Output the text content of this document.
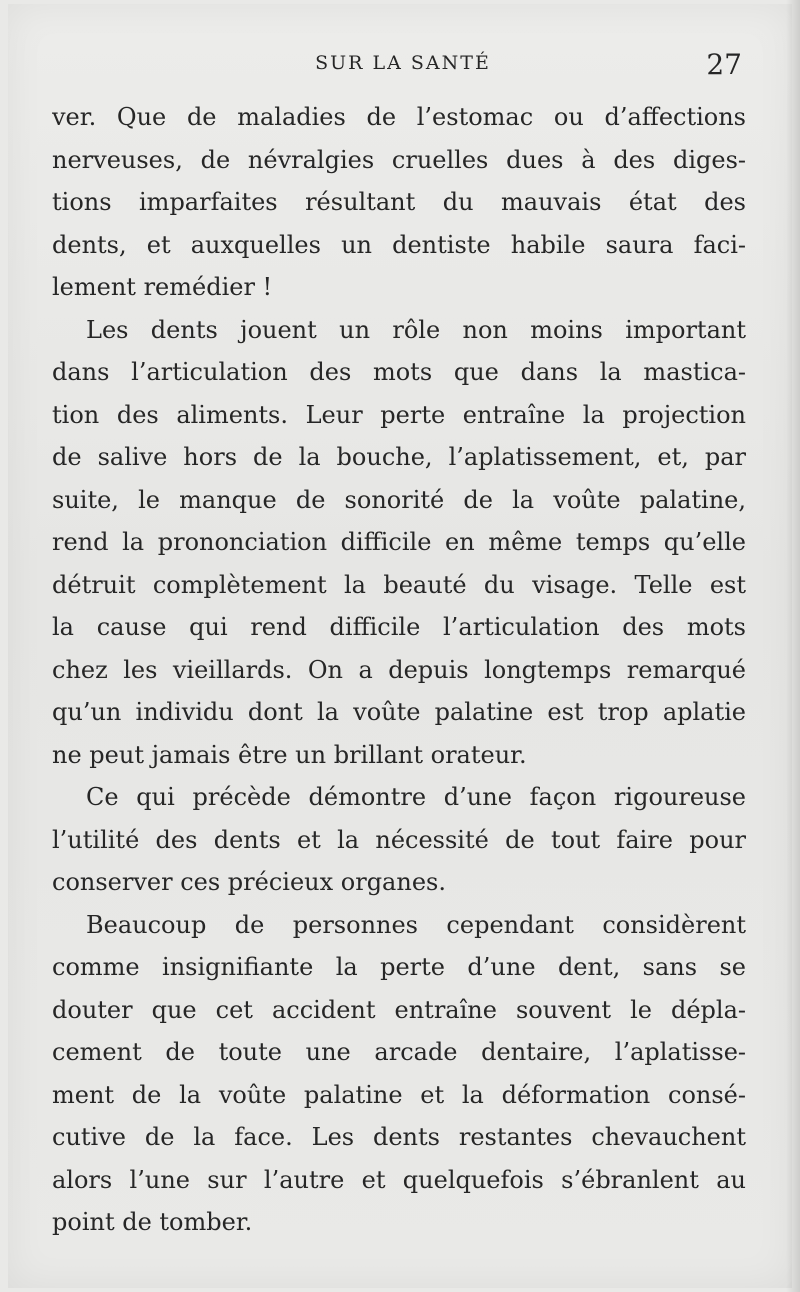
SUR LA SANTÉ	27
ver. Que de maladies de l’estomac ou d’affections
nerveuses, de névralgies cruelles dues à des diges-
tions imparfaites résultant du mauvais état des
dents, et auxquelles un dentiste habile saura faci-
lement remédier !
Les dents jouent un rôle non moins important
dans l’articulation des mots que dans la mastica-
tion des aliments. Leur perte entraîne la projection
de salive hors de la bouche, l’aplatissement, et, par
suite, le manque de sonorité de la voûte palatine,
rend la prononciation difficile en même temps qu’elle
détruit complètement la beauté du visage. Telle est
la cause qui rend difficile l’articulation des mots
chez les vieillards. On a depuis longtemps remarqué
qu’un individu dont la voûte palatine est trop aplatie
ne peut jamais être un brillant orateur.
Ce qui précède démontre d’une façon rigoureuse
l’utilité des dents et la nécessité de tout faire pour
conserver ces précieux organes.
Beaucoup de personnes cependant considèrent
comme insignifiante la perte d’une dent, sans se
douter que cet accident entraîne souvent le dépla-
cement de toute une arcade dentaire, l’aplatisse-
ment de la voûte palatine et la déformation consé-
cutive de la face. Les dents restantes chevauchent
alors l’une sur l’autre et quelquefois s’ébranlent au
point de tomber.
